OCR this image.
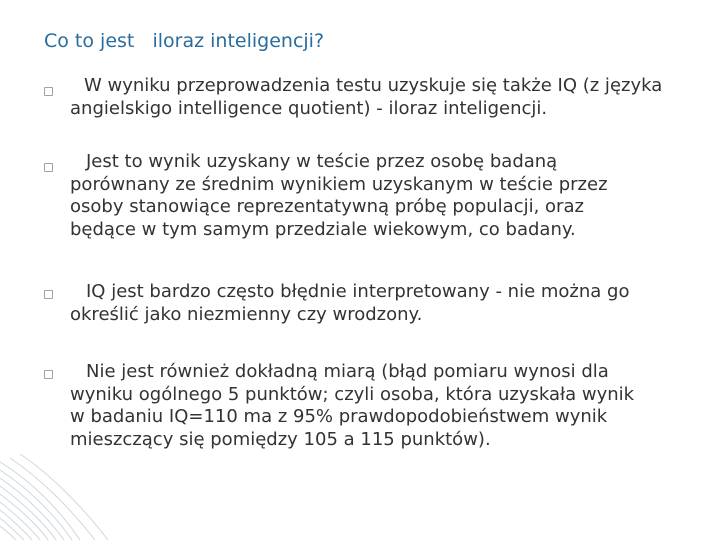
Co to jest   iloraz inteligencji?
W wyniku przeprowadzenia testu uzyskuje się także IQ (z języka angielskigo intelligence quotient) - iloraz inteligencji.
Jest to wynik uzyskany w teście przez osobę badaną porównany ze średnim wynikiem uzyskanym w teście przez osoby stanowiące reprezentatywną próbę populacji, oraz będące w tym samym przedziale wiekowym, co badany.
IQ jest bardzo często błędnie interpretowany - nie można go określić jako niezmienny czy wrodzony.
Nie jest również dokładną miarą (błąd pomiaru wynosi dla wyniku ogólnego 5 punktów; czyli osoba, która uzyskała wynik w badaniu IQ=110 ma z 95% prawdopodobieństwem wynik mieszczący się pomiędzy 105 a 115 punktów).
